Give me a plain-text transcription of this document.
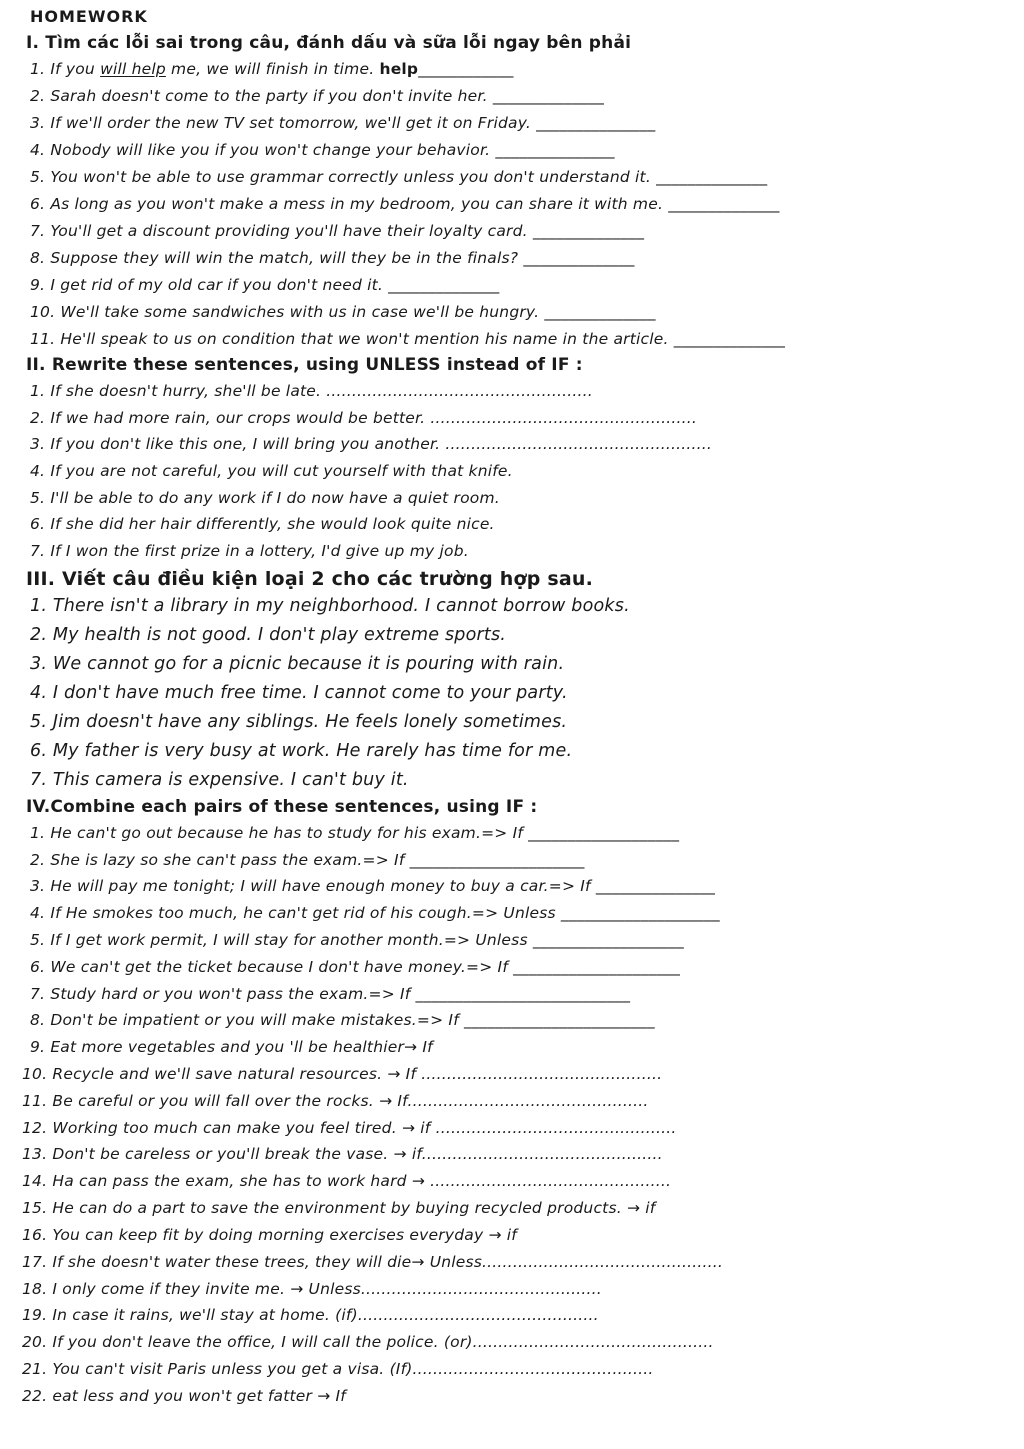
HOMEWORK
I. Tìm các lỗi sai trong câu, đánh dấu và sữa lỗi ngay bên phải
1. If you will help me, we will finish in time. help____________
2. Sarah doesn't come to the party if you don't invite her. ______________
3. If we'll order the new TV set tomorrow, we'll get it on Friday. _______________
4. Nobody will like you if you won't change your behavior. _______________
5. You won't be able to use grammar correctly unless you don't understand it. ______________
6. As long as you won't make a mess in my bedroom, you can share it with me. ______________
7. You'll get a discount providing you'll have their loyalty card. ______________
8. Suppose they will win the match, will they be in the finals? ______________
9. I get rid of my old car if you don't need it. ______________
10. We'll take some sandwiches with us in case we'll be hungry. ______________
11. He'll speak to us on condition that we won't mention his name in the article. ______________
II. Rewrite these sentences, using UNLESS instead of IF :
1. If she doesn't hurry, she'll be late. ....................................................
2. If we had more rain, our crops would be better. ....................................................
3. If you don't like this one, I will bring you another. ....................................................
4. If you are not careful, you will cut yourself with that knife.
5. I'll be able to do any work if I do now have a quiet room.
6. If she did her hair differently, she would look quite nice.
7. If I won the first prize in a lottery, I'd give up my job.
III. Viết câu điều kiện loại 2 cho các trường hợp sau.
1. There isn't a library in my neighborhood. I cannot borrow books.
2. My health is not good. I don't play extreme sports.
3. We cannot go for a picnic because it is pouring with rain.
4. I don't have much free time. I cannot come to your party.
5. Jim doesn't have any siblings. He feels lonely sometimes.
6. My father is very busy at work. He rarely has time for me.
7. This camera is expensive. I can't buy it.
IV.Combine each pairs of these sentences, using IF :
1. He can't go out because he has to study for his exam.=> If ___________________
2. She is lazy so she can't pass the exam.=> If ______________________
3. He will pay me tonight; I will have enough money to buy a car.=> If _______________
4. If He smokes too much, he can't get rid of his cough.=> Unless ____________________
5. If I get work permit, I will stay for another month.=> Unless ___________________
6. We can't get the ticket because I don't have money.=> If _____________________
7. Study hard or you won't pass the exam.=> If ___________________________
8. Don't be impatient or you will make mistakes.=> If ________________________
9. Eat more vegetables and you 'll be healthier→ If
10. Recycle and we'll save natural resources. → If ...............................................
11. Be careful or you will fall over the rocks. → If...............................................
12. Working too much can make you feel tired. → if ...............................................
13. Don't be careless or you'll break the vase. → if...............................................
14. Ha can pass the exam, she has to work hard → ...............................................
15. He can do a part to save the environment by buying recycled products. → if
16. You can keep fit by doing morning exercises everyday → if
17. If she doesn't water these trees, they will die→ Unless...............................................
18. I only come if they invite me. → Unless...............................................
19. In case it rains, we'll stay at home. (if)...............................................
20. If you don't leave the office, I will call the police. (or)...............................................
21. You can't visit Paris unless you get a visa. (If)...............................................
22. eat less and you won't get fatter → If
